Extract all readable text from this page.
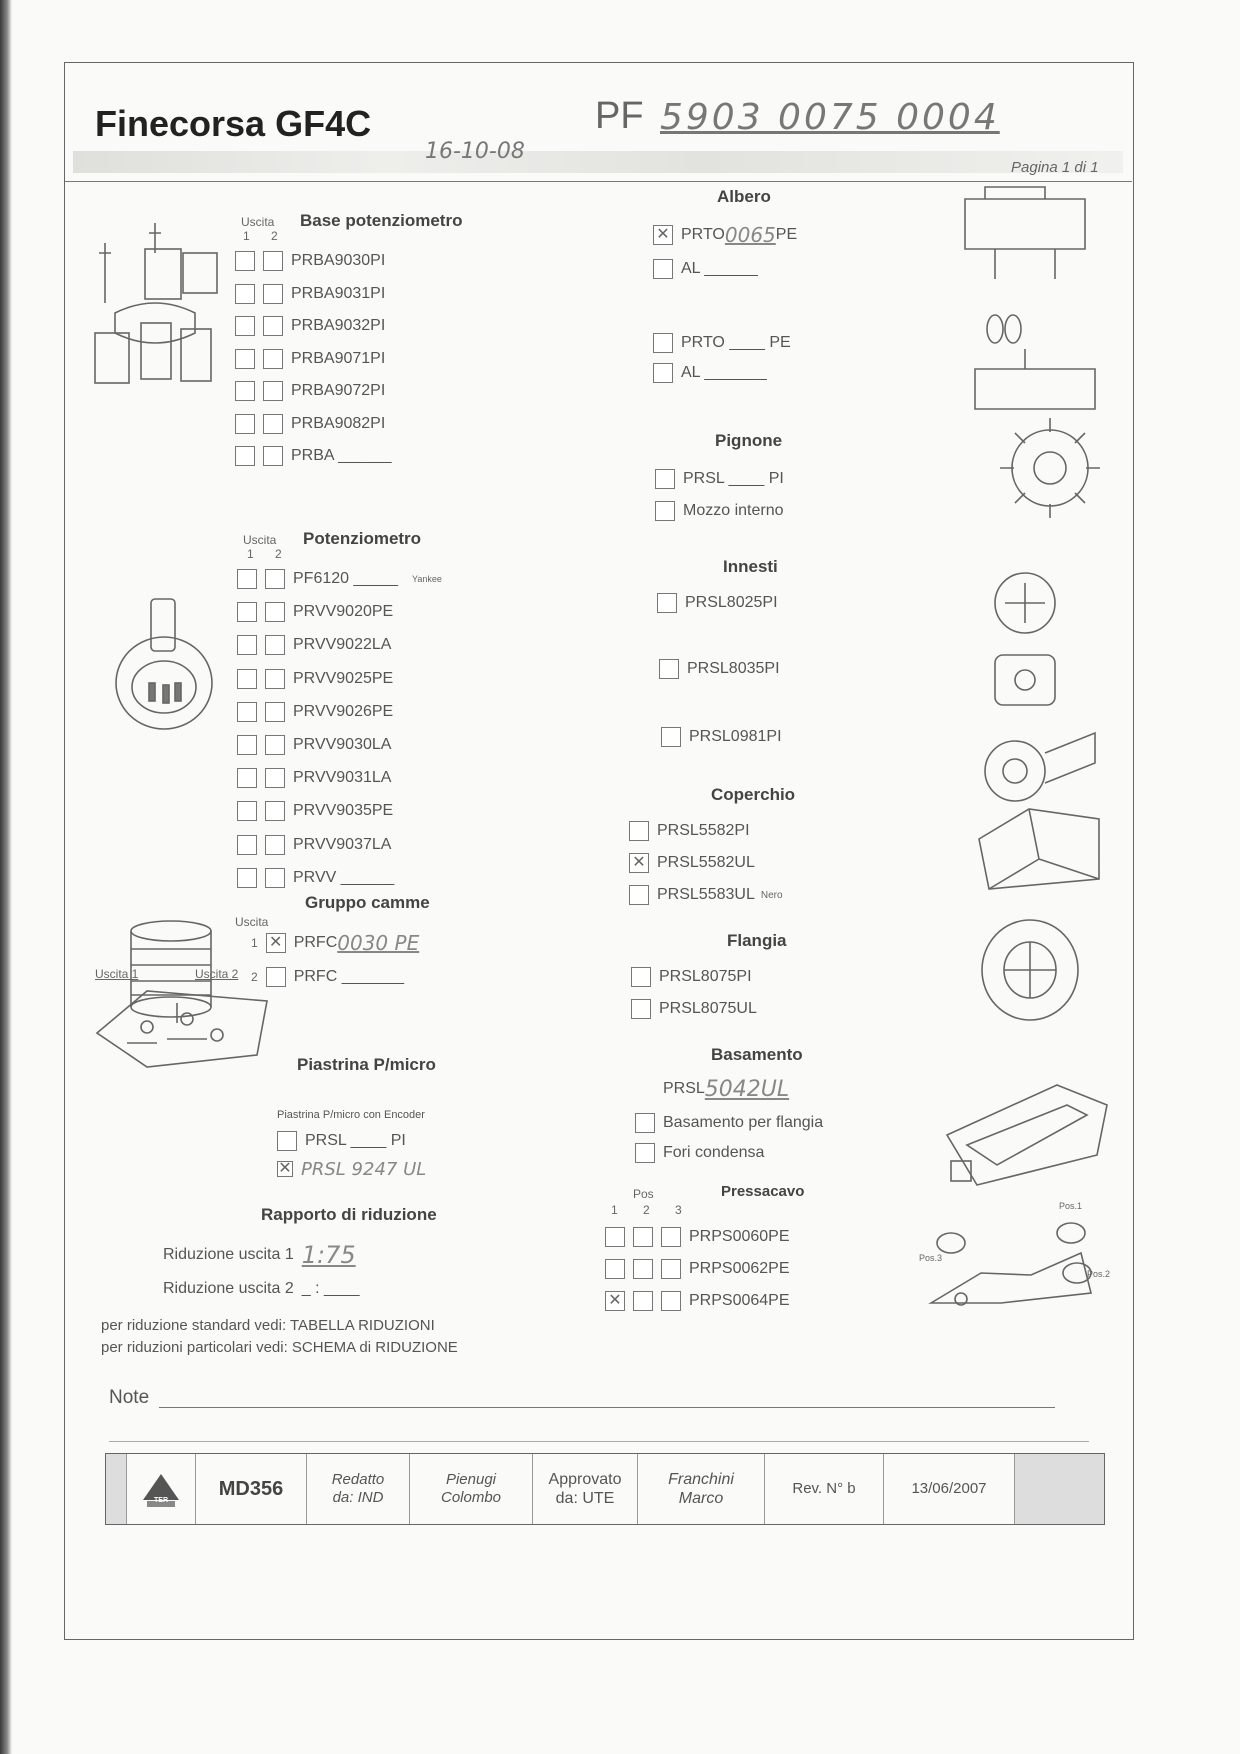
Finecorsa GF4C	PF 5903 0075 0004
16-10-08
Pagina 1 di 1
Uscita
1 2
Base potenziometro
PRBA9030PI
PRBA9031PI
PRBA9032PI
PRBA9071PI
PRBA9072PI
PRBA9082PI
PRBA ______
Uscita
1 2
Potenziometro
PF6120 _____ Yankee
PRVV9020PE
PRVV9022LA
PRVV9025PE
PRVV9026PE
PRVV9030LA
PRVV9031LA
PRVV9035PE
PRVV9037LA
PRVV ______
Gruppo camme
Uscita
1
✕ PRFC 0030 PE
2 PRFC _______
Uscita 1	Uscita 2
Piastrina P/micro
Piastrina P/micro con Encoder
PRSL ____ PI
✕
PRSL 9247 UL
Rapporto di riduzione
Riduzione uscita 1 1:75
Riduzione uscita 2 _ : ____
per riduzione standard vedi: TABELLA RIDUZIONI
per riduzioni particolari vedi: SCHEMA di RIDUZIONE
Albero
✕
PRTO 0065 PE
AL ______
PRTO ____ PE
AL _______
Pignone
PRSL ____ PI
Mozzo interno
Innesti
PRSL8025PI
PRSL8035PI
PRSL0981PI
Coperchio
PRSL5582PI
✕
PRSL5582UL
PRSL5583UL Nero
Flangia
PRSL8075PI
PRSL8075UL
Basamento
PRSL 5042UL
Basamento per flangia
Fori condensa
Pos
1 2 3
Pressacavo
PRPS0060PE
PRPS0062PE
✕
PRPS0064PE
Pos.1
Pos.2
Pos.3
Note
TER
MD356	Redatto
da: IND
Pienugi
Colombo
Approvato
da: UTE
Franchini
Marco
Rev. N° b	13/06/2007
